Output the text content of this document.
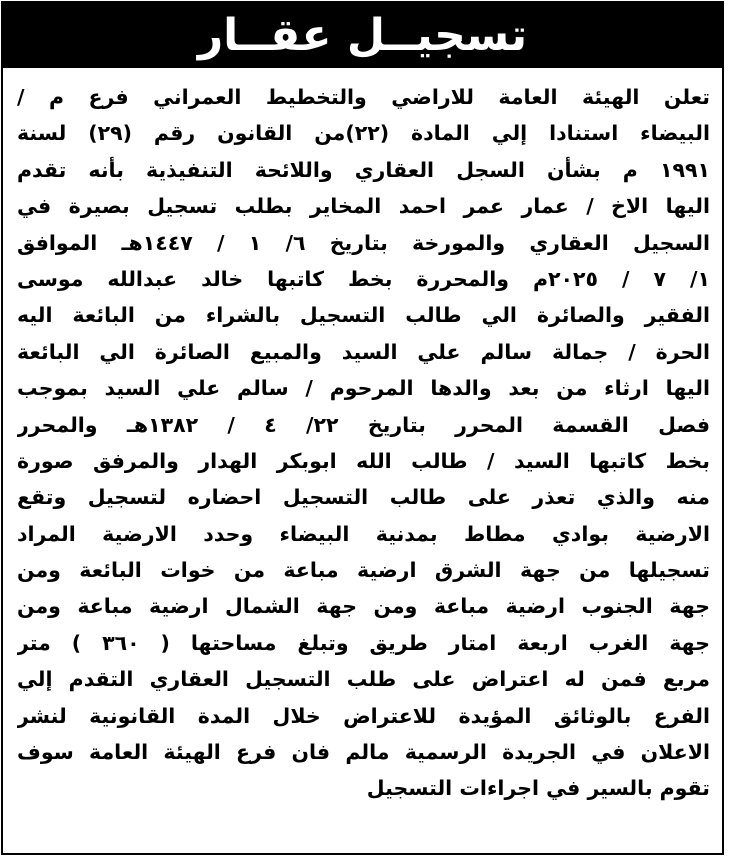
تسجيــل عقــار
تعلن الهيئة العامة للاراضي والتخطيط العمراني فرع م /
البيضاء استنادا إلي المادة (٢٢)من القانون رقم (٢٩) لسنة
١٩٩١ م بشأن السجل العقاري واللائحة التنفيذية بأنه تقدم
اليها الاخ / عمار عمر احمد المخاير بطلب تسجيل بصيرة في
السجيل العقاري والمورخة بتاريخ ٦/ ١ / ١٤٤٧هـ الموافق
١/ ٧ / ٢٠٢٥م والمحررة بخط كاتبها خالد عبدالله موسى
الفقير والصائرة الي طالب التسجيل بالشراء من البائعة اليه
الحرة / جمالة سالم علي السيد والمبيع الصائرة الي البائعة
اليها ارثاء من بعد والدها المرحوم / سالم علي السيد بموجب
فصل القسمة المحرر بتاريخ ٢٢/ ٤ / ١٣٨٢هـ والمحرر
بخط كاتبها السيد / طالب الله ابوبكر الهدار والمرفق صورة
منه والذي تعذر على طالب التسجيل احضاره لتسجيل وتقع
الارضية بوادي مطاط بمدنية البيضاء وحدد الارضية المراد
تسجيلها من جهة الشرق ارضية مباعة من خوات البائعة ومن
جهة الجنوب ارضية مباعة ومن جهة الشمال ارضية مباعة ومن
جهة الغرب اربعة امتار طريق وتبلغ مساحتها ( ٣٦٠ ) متر
مربع فمن له اعتراض على طلب التسجيل العقاري التقدم إلي
الفرع بالوثائق المؤيدة للاعتراض خلال المدة القانونية لنشر
الاعلان في الجريدة الرسمية مالم فان فرع الهيئة العامة سوف
تقوم بالسير في اجراءات التسجيل
